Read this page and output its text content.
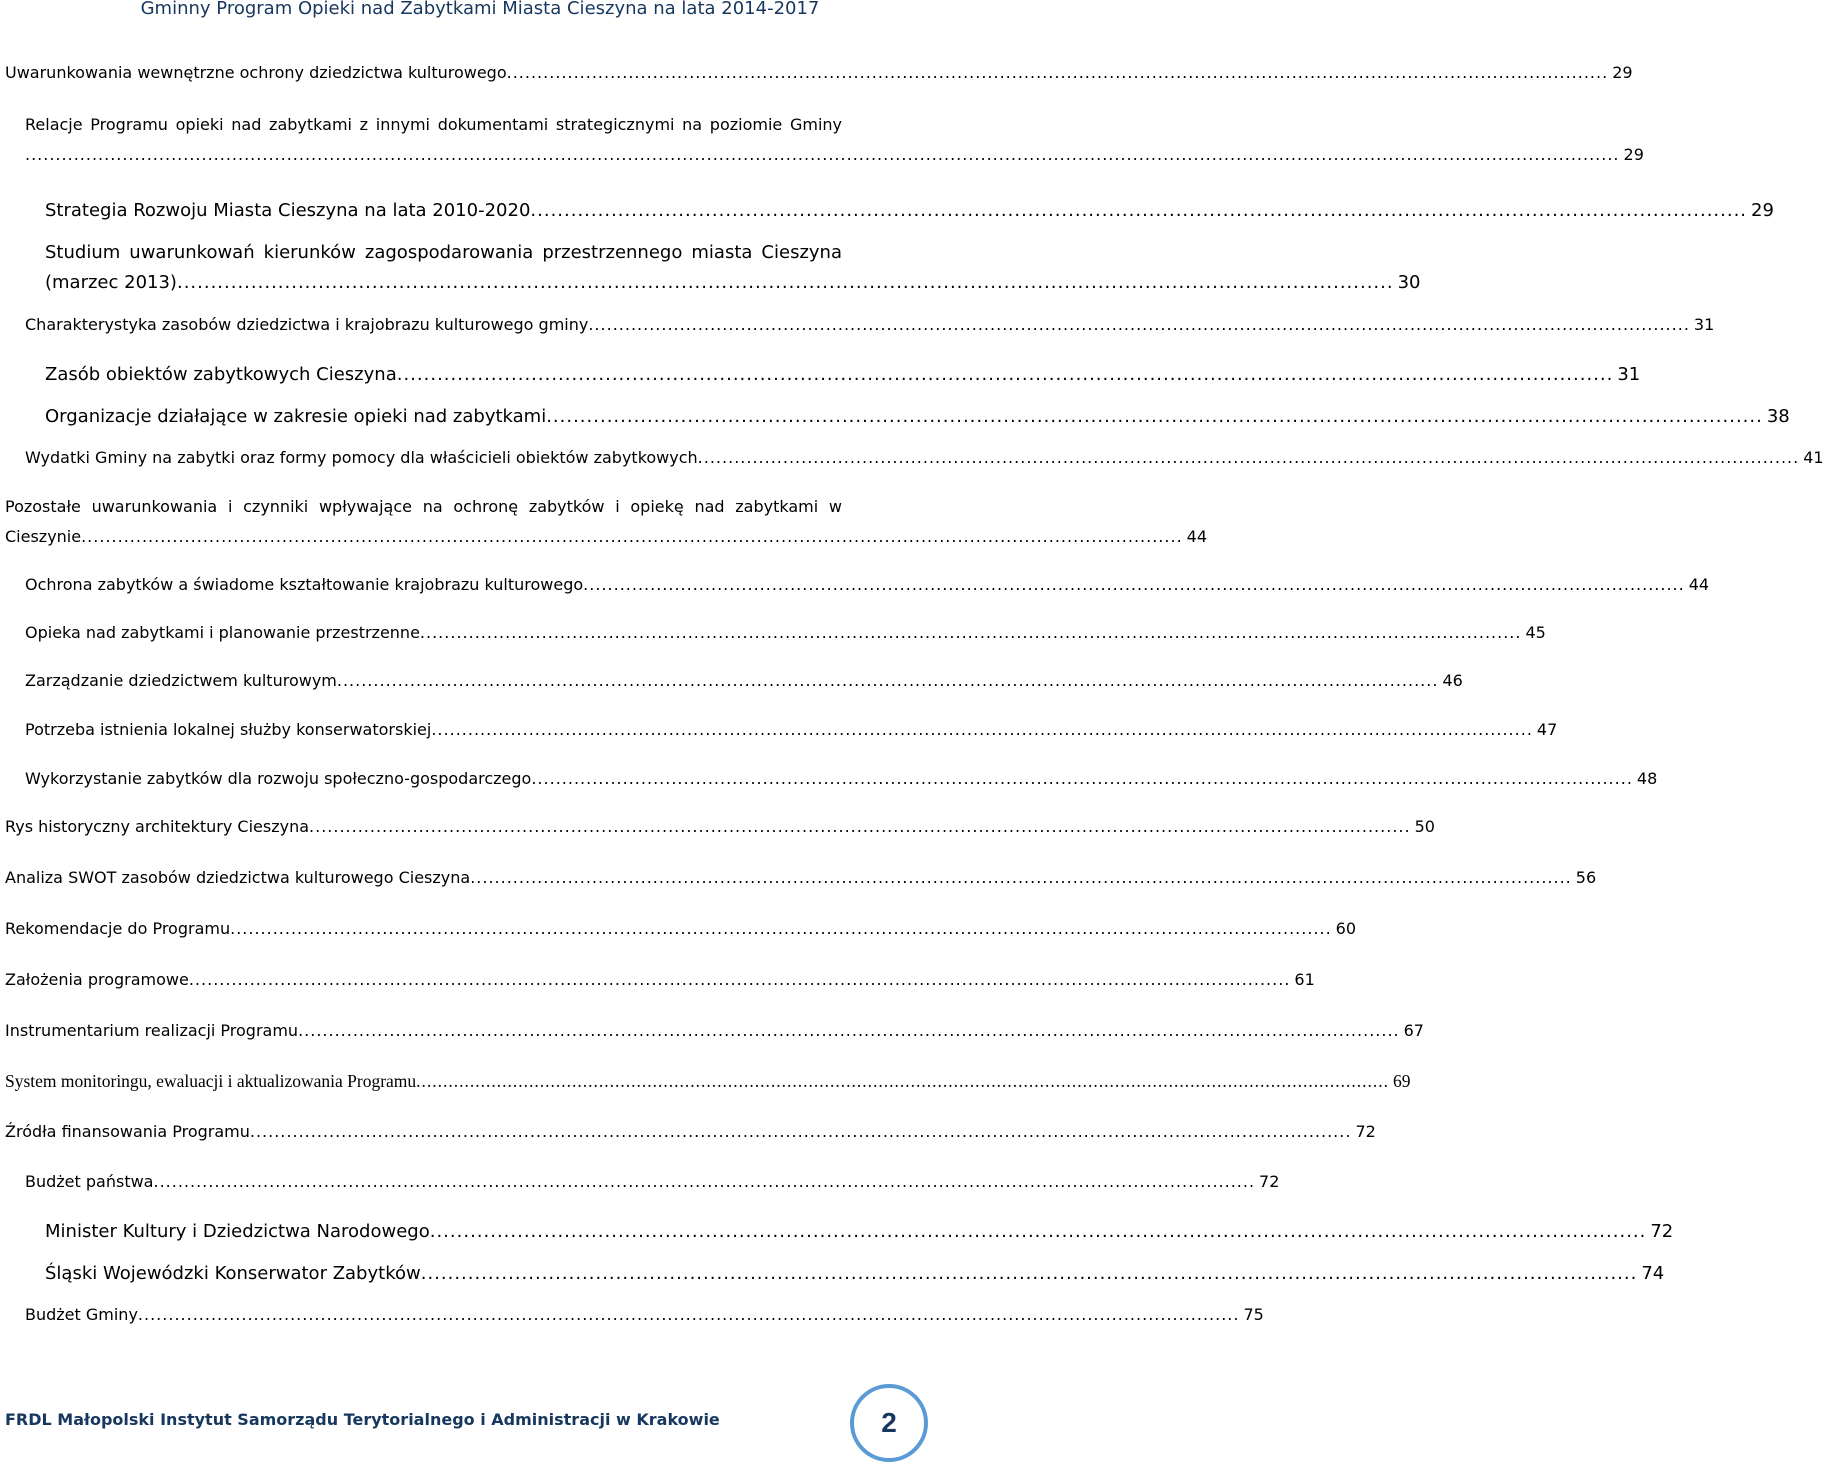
Gminny Program Opieki nad Zabytkami Miasta Cieszyna na lata 2014-2017
Uwarunkowania wewnętrzne ochrony dziedzictwa kulturowego ..................................................................................................................................................................................... 29
Relacje Programu opieki nad zabytkami z innymi dokumentami strategicznymi na poziomie Gminy
...................................................................................................................................................................................................................................................................... 29
Strategia Rozwoju Miasta Cieszyna na lata 2010-2020 ..................................................................................................................................................................................... 29
Studium uwarunkowań kierunków zagospodarowania przestrzennego miasta Cieszyna
(marzec 2013) ..................................................................................................................................................................................... 30
Charakterystyka zasobów dziedzictwa i krajobrazu kulturowego gminy ..................................................................................................................................................................................... 31
Zasób obiektów zabytkowych Cieszyna ..................................................................................................................................................................................... 31
Organizacje działające w zakresie opieki nad zabytkami ..................................................................................................................................................................................... 38
Wydatki Gminy na zabytki oraz formy pomocy dla właścicieli obiektów zabytkowych ..................................................................................................................................................................................... 41
Pozostałe uwarunkowania i czynniki wpływające na ochronę zabytków i opiekę nad zabytkami w
Cieszynie ..................................................................................................................................................................................... 44
Ochrona zabytków a świadome kształtowanie krajobrazu kulturowego ..................................................................................................................................................................................... 44
Opieka nad zabytkami i planowanie przestrzenne ..................................................................................................................................................................................... 45
Zarządzanie dziedzictwem kulturowym ..................................................................................................................................................................................... 46
Potrzeba istnienia lokalnej służby konserwatorskiej ..................................................................................................................................................................................... 47
Wykorzystanie zabytków dla rozwoju społeczno-gospodarczego ..................................................................................................................................................................................... 48
Rys historyczny architektury Cieszyna ..................................................................................................................................................................................... 50
Analiza SWOT zasobów dziedzictwa kulturowego Cieszyna ..................................................................................................................................................................................... 56
Rekomendacje do Programu ..................................................................................................................................................................................... 60
Założenia programowe ..................................................................................................................................................................................... 61
Instrumentarium realizacji Programu ..................................................................................................................................................................................... 67
System monitoringu, ewaluacji i aktualizowania Programu ..................................................................................................................................................................................... 69
Źródła finansowania Programu ..................................................................................................................................................................................... 72
Budżet państwa ..................................................................................................................................................................................... 72
Minister Kultury i Dziedzictwa Narodowego ..................................................................................................................................................................................... 72
Śląski Wojewódzki Konserwator Zabytków ..................................................................................................................................................................................... 74
Budżet Gminy ..................................................................................................................................................................................... 75
FRDL Małopolski Instytut Samorządu Terytorialnego i Administracji w Krakowie	2
